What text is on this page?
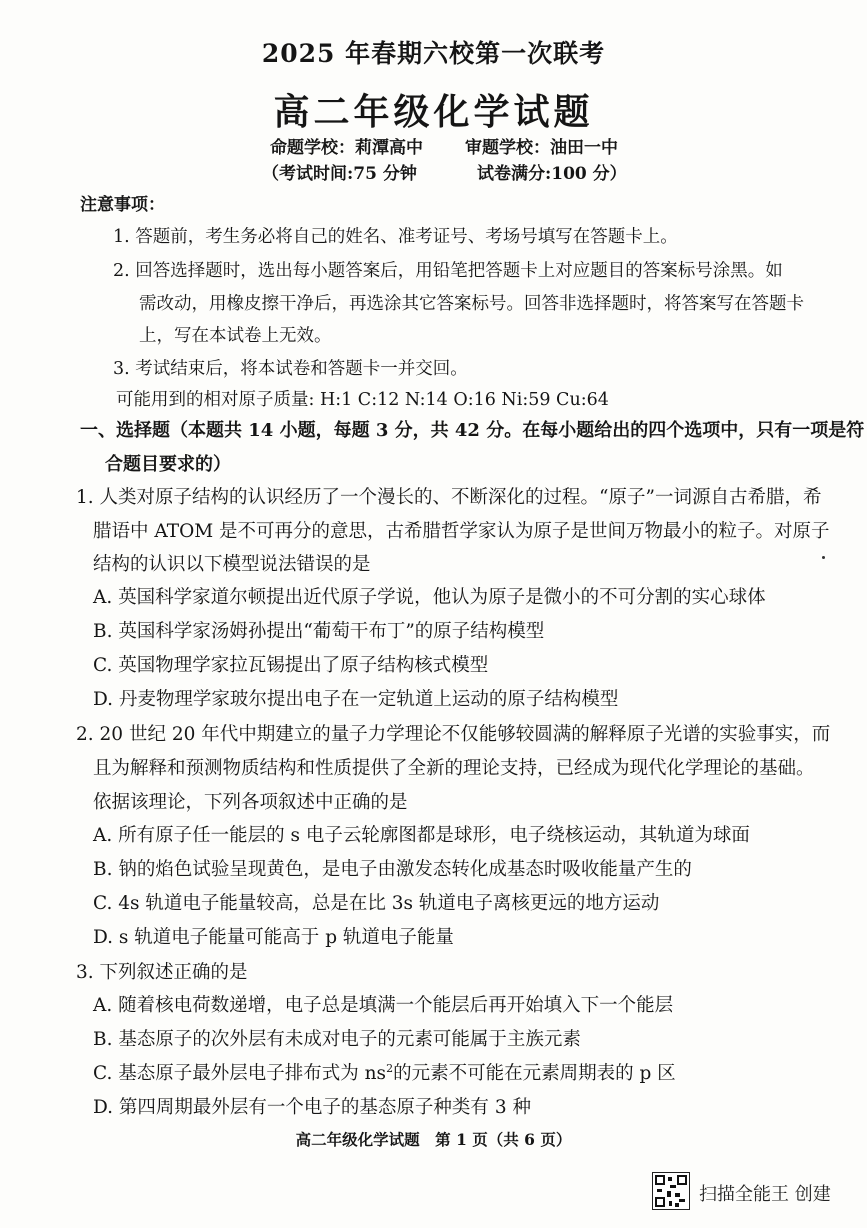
2025 年春期六校第一次联考
高二年级化学试题
命题学校：莉潭高中 审题学校：油田一中
（考试时间:75 分钟	试卷满分:100 分）
注意事项：
1. 答题前，考生务必将自己的姓名、准考证号、考场号填写在答题卡上。
2. 回答选择题时，选出每小题答案后，用铅笔把答题卡上对应题目的答案标号涂黑。如
需改动，用橡皮擦干净后，再选涂其它答案标号。回答非选择题时，将答案写在答题卡
上，写在本试卷上无效。
3. 考试结束后，将本试卷和答题卡一并交回。
可能用到的相对原子质量: H:1 C:12 N:14 O:16 Ni:59 Cu:64
一、选择题（本题共 14 小题，每题 3 分，共 42 分。在每小题给出的四个选项中，只有一项是符
合题目要求的）
1. 人类对原子结构的认识经历了一个漫长的、不断深化的过程。“原子”一词源自古希腊，希
腊语中 ATOM 是不可再分的意思，古希腊哲学家认为原子是世间万物最小的粒子。对原子
结构的认识以下模型说法错误的是
A. 英国科学家道尔顿提出近代原子学说，他认为原子是微小的不可分割的实心球体
B. 英国科学家汤姆孙提出“葡萄干布丁”的原子结构模型
C. 英国物理学家拉瓦锡提出了原子结构核式模型
D. 丹麦物理学家玻尔提出电子在一定轨道上运动的原子结构模型
2. 20 世纪 20 年代中期建立的量子力学理论不仅能够较圆满的解释原子光谱的实验事实，而
且为解释和预测物质结构和性质提供了全新的理论支持，已经成为现代化学理论的基础。
依据该理论，下列各项叙述中正确的是
A. 所有原子任一能层的 s 电子云轮廓图都是球形，电子绕核运动，其轨道为球面
B. 钠的焰色试验呈现黄色，是电子由激发态转化成基态时吸收能量产生的
C. 4s 轨道电子能量较高，总是在比 3s 轨道电子离核更远的地方运动
D. s 轨道电子能量可能高于 p 轨道电子能量
3. 下列叙述正确的是
A. 随着核电荷数递增，电子总是填满一个能层后再开始填入下一个能层
B. 基态原子的次外层有未成对电子的元素可能属于主族元素
C. 基态原子最外层电子排布式为 $ns^2$的元素不可能在元素周期表的 p 区
D. 第四周期最外层有一个电子的基态原子种类有 3 种
高二年级化学试题　第 1 页（共 6 页）
扫描全能王 创建
